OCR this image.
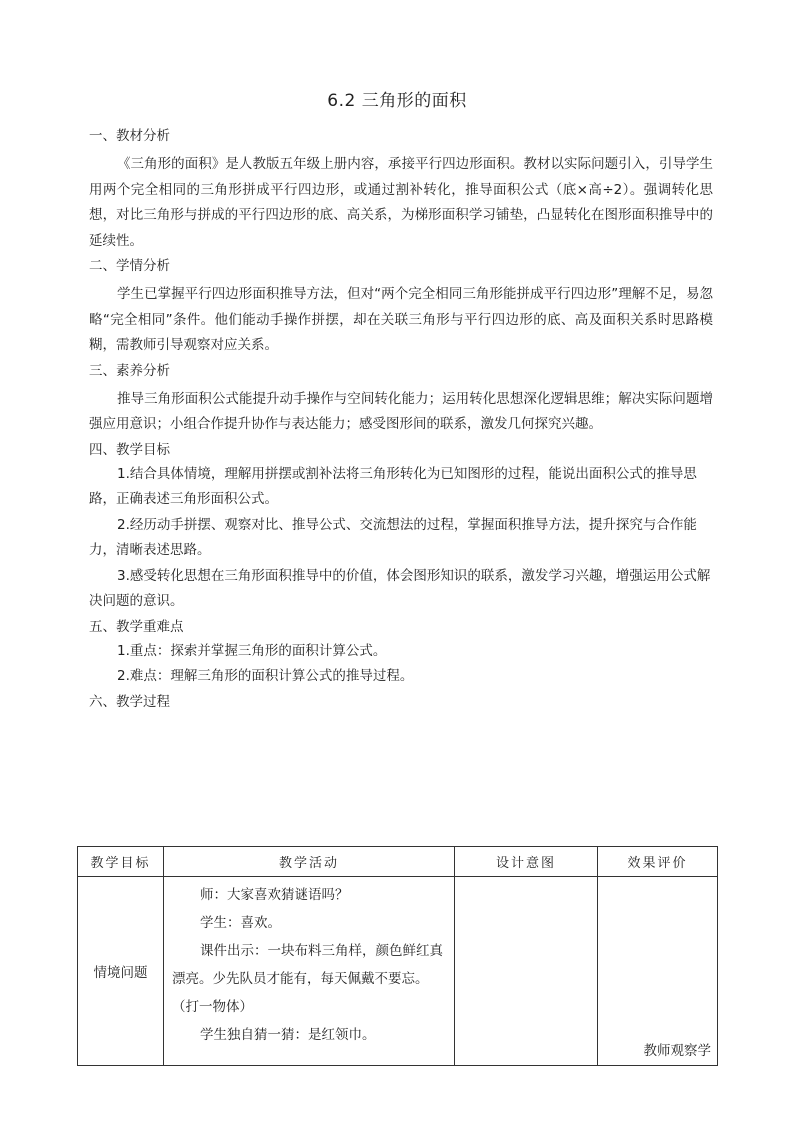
6.2 三角形的面积

一、教材分析

《三角形的面积》是人教版五年级上册内容，承接平行四边形面积。教材以实际问题引入，引导学生用两个完全相同的三角形拼成平行四边形，或通过割补转化，推导面积公式（底×高÷2）。强调转化思想，对比三角形与拼成的平行四边形的底、高关系，为梯形面积学习铺垫，凸显转化在图形面积推导中的延续性。

二、学情分析

学生已掌握平行四边形面积推导方法，但对“两个完全相同三角形能拼成平行四边形”理解不足，易忽略“完全相同”条件。他们能动手操作拼摆，却在关联三角形与平行四边形的底、高及面积关系时思路模糊，需教师引导观察对应关系。

三、素养分析

推导三角形面积公式能提升动手操作与空间转化能力；运用转化思想深化逻辑思维；解决实际问题增强应用意识；小组合作提升协作与表达能力；感受图形间的联系，激发几何探究兴趣。

四、教学目标

1.结合具体情境，理解用拼摆或割补法将三角形转化为已知图形的过程，能说出面积公式的推导思路，正确表述三角形面积公式。

2.经历动手拼摆、观察对比、推导公式、交流想法的过程，掌握面积推导方法，提升探究与合作能力，清晰表述思路。

3.感受转化思想在三角形面积推导中的价值，体会图形知识的联系，激发学习兴趣，增强运用公式解决问题的意识。

五、教学重难点

1.重点：探索并掌握三角形的面积计算公式。

2.难点：理解三角形的面积计算公式的推导过程。

六、教学过程

教学目标	教学活动	设计意图	效果评价
情境问题	师：大家喜欢猜谜语吗？

学生：喜欢。

课件出示：一块布料三角样，颜色鲜红真漂亮。少先队员才能有，每天佩戴不要忘。（打一物体）

学生独自猜一猜：是红领巾。		教师观察学
